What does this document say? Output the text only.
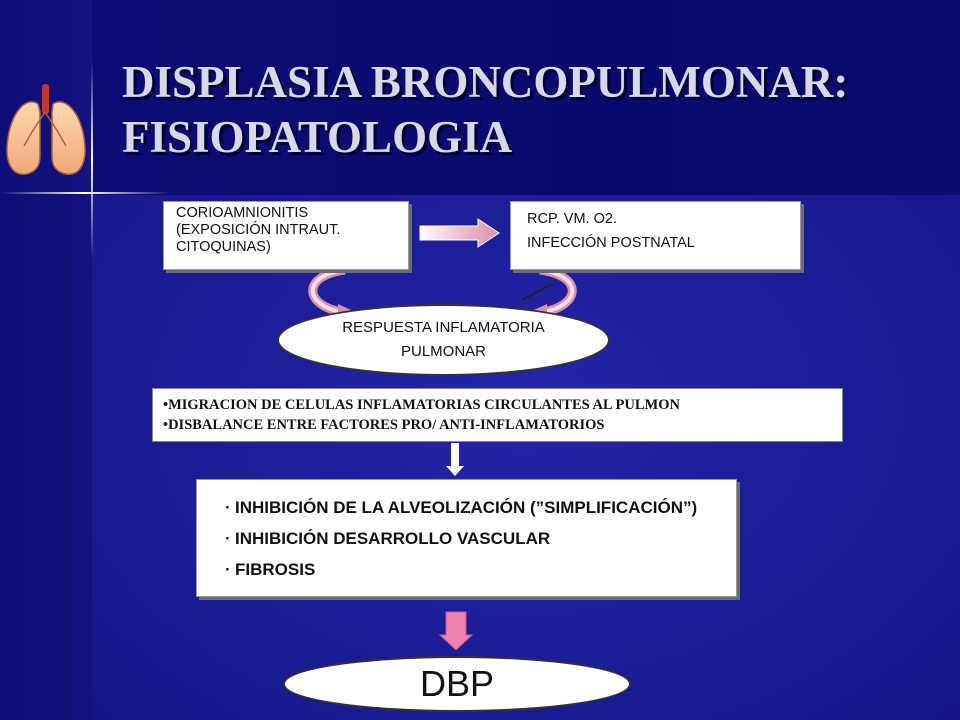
DISPLASIA BRONCOPULMONAR:
FISIOPATOLOGIA
CORIOAMNIONITIS
(EXPOSICIÓN INTRAUT.
CITOQUINAS)
RCP. VM. O2.
INFECCIÓN POSTNATAL
RESPUESTA INFLAMATORIA
PULMONAR
•MIGRACION DE CELULAS INFLAMATORIAS CIRCULANTES AL PULMON
•DISBALANCE ENTRE FACTORES PRO/ ANTI-INFLAMATORIOS
· INHIBICIÓN DE LA ALVEOLIZACIÓN (”SIMPLIFICACIÓN”)
· INHIBICIÓN DESARROLLO VASCULAR
· FIBROSIS
DBP
